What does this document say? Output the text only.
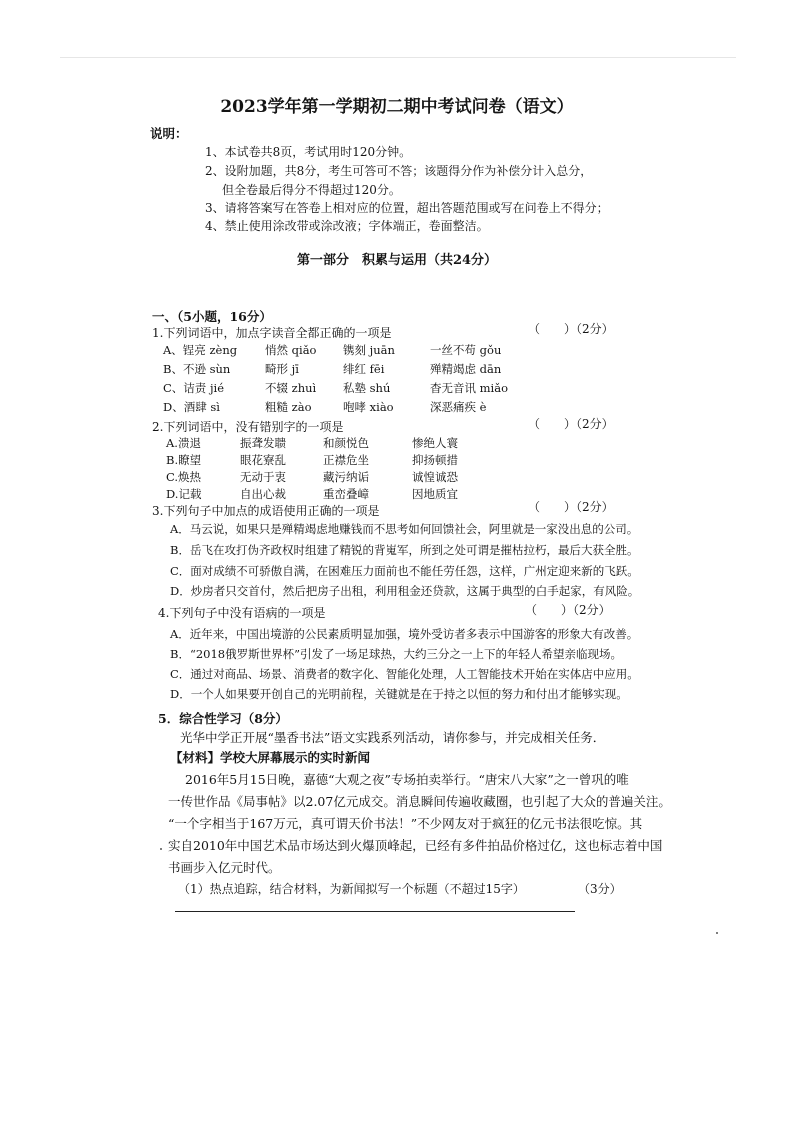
2023学年第一学期初二期中考试问卷（语文）
说明：
1、本试卷共8页，考试用时120分钟。
2、设附加题，共8分，考生可答可不答；该题得分作为补偿分计入总分，
但全卷最后得分不得超过120分。
3、请将答案写在答卷上相对应的位置，超出答题范围或写在问卷上不得分；
4、禁止使用涂改带或涂改液；字体端正，卷面整洁。
第一部分　积累与运用（共24分）
一、（5小题，16分）
1.下列词语中，加点字读音全都正确的一项是	（　　）（2分）
A、锃亮 zèng 悄然 qiǎo 镌刻 juān	一丝不苟 gǒu
B、不逊 sùn	畸形 jī	绯红 fēi	殚精竭虑 dān
C、诘责 jié	不辍 zhuì 私塾 shú	杳无音讯 miǎo
D、酒肆 sì	粗糙 zào	咆哮 xiào	深恶痛疾 è
2.下列词语中，没有错别字的一项是	（　　）（2分）
A.溃退	振聋发聩	和颜悦色	惨绝人寰
B.瞭望	眼花寮乱	正襟危坐	抑扬顿措
C.焕热	无动于衷	藏污纳诟	诚惶诚恐
D.记载	自出心裁	重峦叠嶂	因地质宜
3.下列句子中加点的成语使用正确的一项是	（　　）（2分）
A．马云说，如果只是殚精竭虑地赚钱而不思考如何回馈社会，阿里就是一家没出息的公司。
B．岳飞在攻打伪齐政权时组建了精锐的背嵬军，所到之处可谓是摧枯拉朽，最后大获全胜。
C．面对成绩不可骄傲自满，在困难压力面前也不能任劳任怨，这样，广州定迎来新的飞跃。
D．炒房者只交首付，然后把房子出租，利用租金还贷款，这属于典型的白手起家，有风险。
4.下列句子中没有语病的一项是	（　　）（2分）
A．近年来，中国出境游的公民素质明显加强，境外受访者多表示中国游客的形象大有改善。
B．“2018俄罗斯世界杯”引发了一场足球热，大约三分之一上下的年轻人希望亲临现场。
C．通过对商品、场景、消费者的数字化、智能化处理，人工智能技术开始在实体店中应用。
D．一个人如果要开创自己的光明前程，关键就是在于持之以恒的努力和付出才能够实现。
5．综合性学习（8分）
光华中学正开展“墨香书法”语文实践系列活动，请你参与，并完成相关任务．
【材料】学校大屏幕展示的实时新闻
2016年5月15日晚，嘉德“大观之夜”专场拍卖举行。“唐宋八大家”之一曾巩的唯
一传世作品《局事帖》以2.07亿元成交。消息瞬间传遍收藏圈，也引起了大众的普遍关注。
“一个字相当于167万元，真可谓天价书法！”不少网友对于疯狂的亿元书法很吃惊。其
实自2010年中国艺术品市场达到火爆顶峰起，已经有多件拍品价格过亿，这也标志着中国
书画步入亿元时代。
（1）热点追踪，结合材料，为新闻拟写一个标题（不超过15字）	（3分）
